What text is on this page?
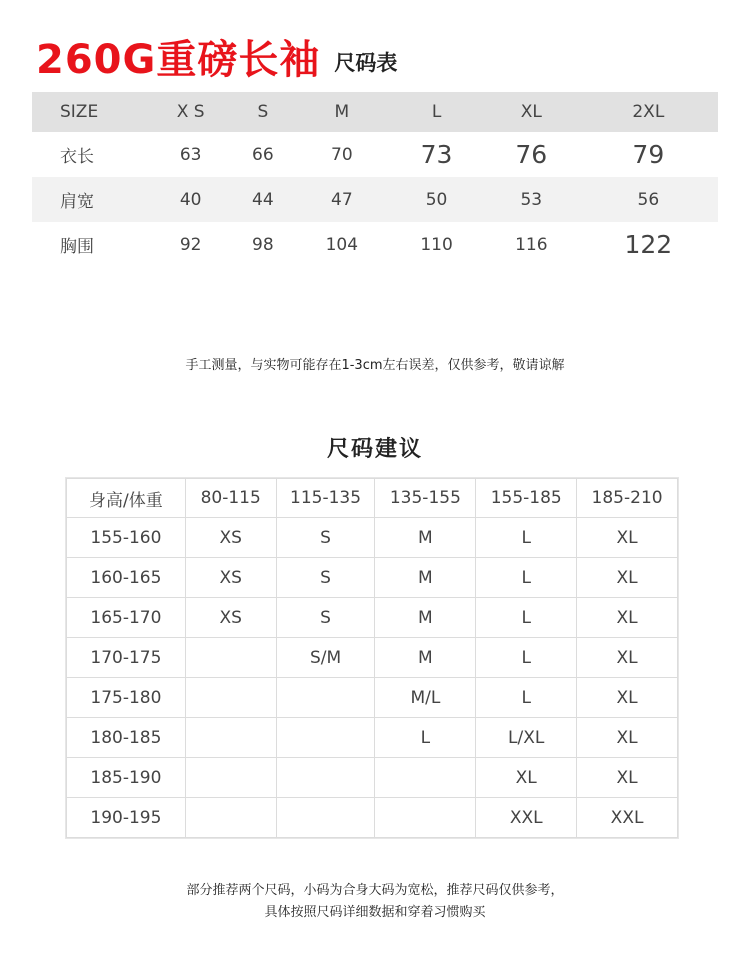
260G重磅长袖 尺码表
SIZE	X S	S	M	L	XL	2XL
衣长	63	66	70	73	76	79
肩宽	40	44	47	50	53	56
胸围	92	98	104	110	116	122
手工测量，与实物可能存在1-3cm左右误差，仅供参考，敬请谅解
尺码建议
身高/体重	80-115	115-135	135-155	155-185	185-210
155-160	XS	S	M	L	XL
160-165	XS	S	M	L	XL
165-170	XS	S	M	L	XL
170-175		S/M	M	L	XL
175-180			M/L	L	XL
180-185			L	L/XL	XL
185-190				XL	XL
190-195				XXL	XXL
部分推荐两个尺码，小码为合身大码为宽松，推荐尺码仅供参考，
具体按照尺码详细数据和穿着习惯购买
